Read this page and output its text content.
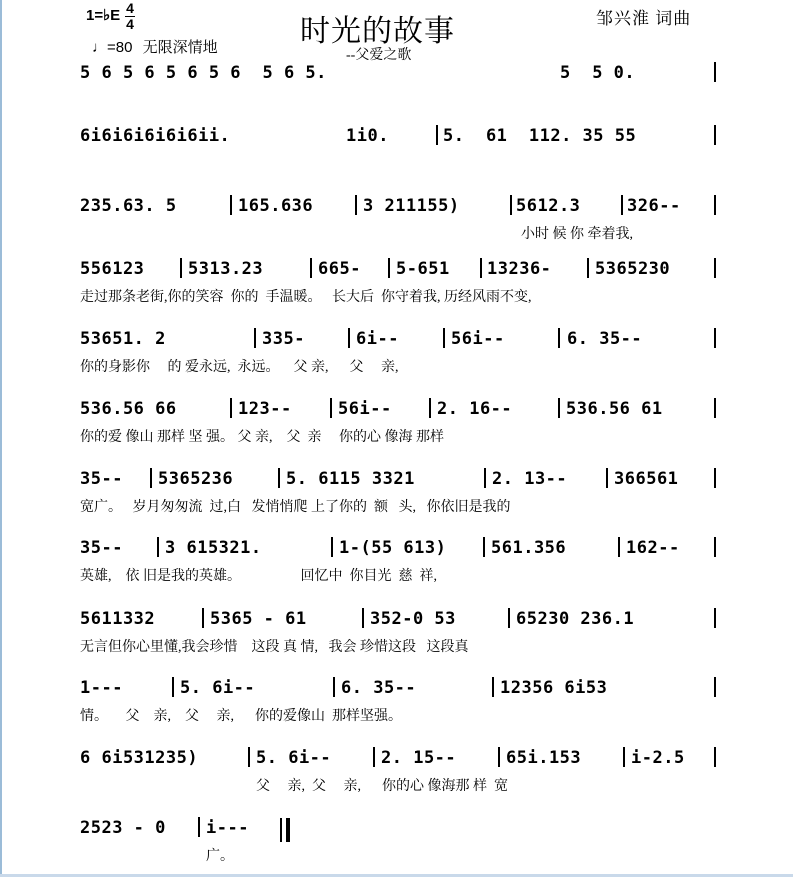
1=♭E 4
4
♩=80 无限深情地	时光的故事
--父爱之歌
邹兴淮 词曲
5 6 5 6 5 6 5 6  5 6 5.	5  5 0.
6i6i6i6i6i6ii.	1i0.	5.  61  112. 35 55
235.63. 5	165.636	3 211155)	5612.3	326--
小时 候 你 牵着我,
556123	5313.23	665- 5-651 13236-	5365230
走过那条老街,你的笑容  你的  手温暖。   长大后  你守着我, 历经风雨不变,
53651. 2	335-	6i--	56i--	6. 35--
你的身影你     的 爱永远,  永远。    父 亲,      父     亲,
536.56 66	123--	56i--	2. 16--	536.56 61
你的爱 像山 那样 坚 强。 父 亲,    父  亲     你的心 像海 那样
35-- 5365236	5. 6115 3321	2. 13--	366561
宽广。   岁月匆匆流  过,白   发悄悄爬 上了你的  额   头,   你依旧是我的
35-- 3 615321.	1-(55 613)	561.356	162--
英雄,    依 旧是我的英雄。                 回忆中  你目光  慈  祥,
5611332	5365 - 61	352-0 53	65230 236.1
无言但你心里懂,我会珍惜    这段 真 情,   我会 珍惜这段   这段真
1---	5. 6i--	6. 35--	12356 6i53
情。     父    亲,    父     亲,      你的爱像山  那样坚强。
6 6i531235)	5. 6i--	2. 15--	65i.153	i-2.5
父     亲,  父     亲,      你的心 像海那 样  宽
2523 - 0 i---
广。
